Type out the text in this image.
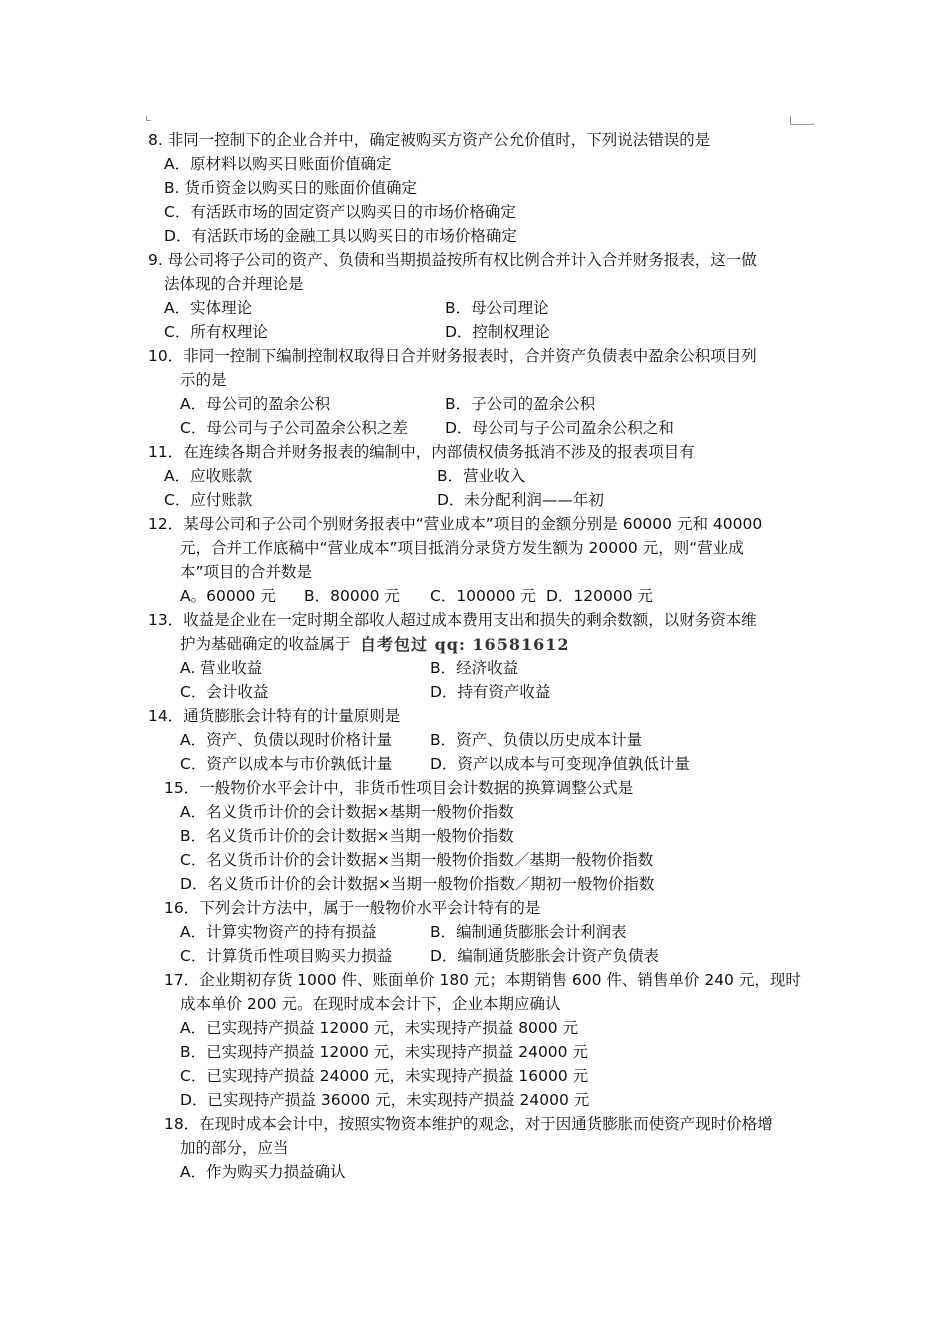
8. 非同一控制下的企业合并中，确定被购买方资产公允价值时，下列说法错误的是
A．原材料以购买日账面价值确定
B. 货币资金以购买日的账面价值确定
C．有活跃市场的固定资产以购买日的市场价格确定
D．有活跃市场的金融工具以购买日的市场价格确定
9. 母公司将子公司的资产、负债和当期损益按所有权比例合并计入合并财务报表，这一做
法体现的合并理论是
A．实体理论	B．母公司理论
C．所有权理论	D．控制权理论
10．非同一控制下编制控制权取得日合并财务报表时，合并资产负债表中盈余公积项目列
示的是
A．母公司的盈余公积	B．子公司的盈余公积
C．母公司与子公司盈余公积之差 D．母公司与子公司盈余公积之和
11．在连续各期合并财务报表的编制中，内部债权债务抵消不涉及的报表项目有
A．应收账款	B．营业收入
C．应付账款	D．未分配利润——年初
12．某母公司和子公司个别财务报表中“营业成本”项目的金额分别是 60000 元和 40000
元，合并工作底稿中“营业成本”项目抵消分录贷方发生额为 20000 元，则“营业成
本”项目的合并数是
A。60000 元 B．80000 元 C．100000 元 D．120000 元
13．收益是企业在一定时期全部收人超过成本费用支出和损失的剩余数额，以财务资本维
护为基础确定的收益属于 自考包过 qq: 16581612
A. 营业收益	B．经济收益
C．会计收益	D．持有资产收益
14．通货膨胀会计特有的计量原则是
A．资产、负债以现时价格计量 B．资产、负债以历史成本计量
C．资产以成本与市价孰低计量 D．资产以成本与可变现净值孰低计量
15．一般物价水平会计中，非货币性项目会计数据的换算调整公式是
A．名义货币计价的会计数据×基期一般物价指数
B．名义货币计价的会计数据×当期一般物价指数
C．名义货币计价的会计数据×当期一般物价指数／基期一般物价指数
D．名义货币计价的会计数据×当期一般物价指数／期初一般物价指数
16．下列会计方法中，属于一般物价水平会计特有的是
A．计算实物资产的持有损益	B．编制通货膨胀会计利润表
C．计算货币性项目购买力损益 D．编制通货膨胀会计资产负债表
17．企业期初存货 1000 件、账面单价 180 元；本期销售 600 件、销售单价 240 元，现时
成本单价 200 元。在现时成本会计下，企业本期应确认
A．已实现持产损益 12000 元，未实现持产损益 8000 元
B．已实现持产损益 12000 元，未实现持产损益 24000 元
C．已实现持产损益 24000 元，未实现持产损益 16000 元
D．已实现持产损益 36000 元，未实现持产损益 24000 元
18．在现时成本会计中，按照实物资本维护的观念，对于因通货膨胀而使资产现时价格增
加的部分，应当
A．作为购买力损益确认
